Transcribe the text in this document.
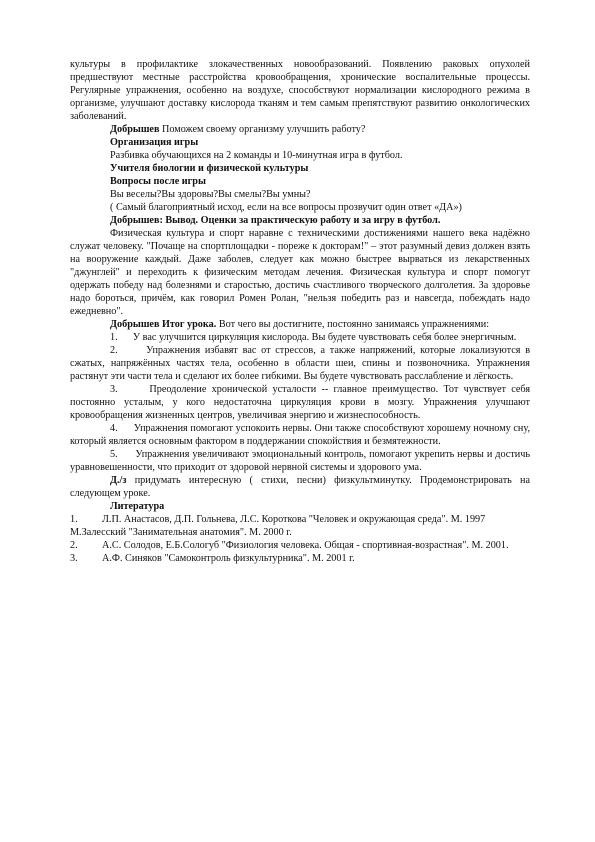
культуры в профилактике злокачественных новообразований. Появлению раковых опухолей предшествуют местные расстройства кровообращения, хронические воспалительные процессы. Регулярные упражнения, особенно на воздухе, способствуют нормализации кислородного режима в организме, улучшают доставку кислорода тканям и тем самым препятствуют развитию онкологических заболеваний.

Добрышев Поможем своему организму улучшить работу?

Организация игры

Разбивка обучающихся на 2 команды и 10-минутная игра в футбол.

Учителя биологии и физической культуры

Вопросы после игры

Вы веселы?Вы здоровы?Вы смелы?Вы умны?

( Самый благоприятный исход, если на все вопросы прозвучит один ответ «ДА»)

Добрышев: Вывод. Оценки за практическую работу и за игру в футбол.

Физическая культура и спорт наравне с техническими достижениями нашего века надёжно служат человеку. "Почаще на спортплощадки - пореже к докторам!" – этот разумный девиз должен взять на вооружение каждый. Даже заболев, следует как можно быстрее вырваться из лекарственных "джунглей" и переходить к физическим методам лечения. Физическая культура и спорт помогут одержать победу над болезнями и старостью, достичь счастливого творческого долголетия. За здоровье надо бороться, причём, как говорил Ромен Ролан, "нельзя победить раз и навсегда, побеждать надо ежедневно".

Добрышев Итог урока. Вот чего вы достигните, постоянно занимаясь упражнениями:

1. У вас улучшится циркуляция кислорода. Вы будете чувствовать себя более энергичным.

2.	Упражнения избавят вас от стрессов, а также напряжений, которые локализуются в сжатых, напряжённых частях тела, особенно в области шеи, спины и позвоночника. Упражнения растянут эти части тела и сделают их более гибкими. Вы будете чувствовать расслабление и лёгкость.

3.	Преодоление хронической усталости -- главное преимущество. Тот чувствует себя постоянно усталым, у кого недостаточна циркуляция крови в мозгу. Упражнения улучшают кровообращения жизненных центров, увеличивая энергию и жизнеспособность.

4. Упражнения помогают успокоить нервы. Они также способствуют хорошему ночному сну, который является основным фактором в поддержании спокойствия и безмятежности.

5. Упражнения увеличивают эмоциональный контроль, помогают укрепить нервы и достичь уравновешенности, что приходит от здоровой нервной системы и здорового ума.

Д./з придумать интересную ( стихи, песни) физкультминутку. Продемонстрировать на следующем уроке.

Литература

1.	Л.П. Анастасов, Д.П. Гольнева, Л.С. Короткова "Человек и окружающая среда". М. 1997
М.Залесский "Занимательная анатомия". М. 2000 г.
2.	А.С. Солодов, Е.Б.Сологуб "Физиология человека. Общая - спортивная-возрастная". М. 2001.
3.	А.Ф. Синяков "Самоконтроль физкультурника". М. 2001 г.
